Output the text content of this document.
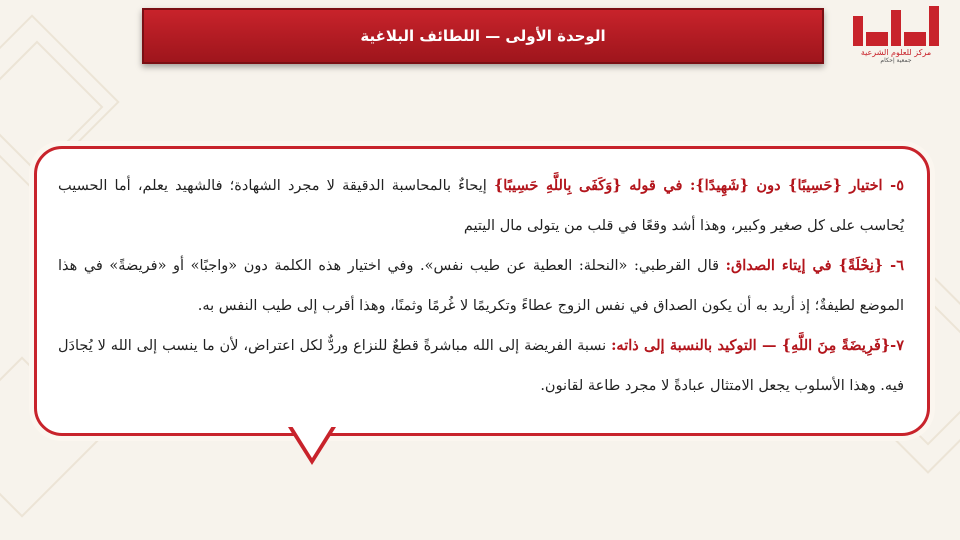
الوحدة الأولى — اللطائف البلاغية
مركز للعلوم الشرعية
جمعية إحكام

٥- اختيار {حَسِيبًا} دون {شَهِيدًا}: في قوله {وَكَفَى بِاللَّهِ حَسِيبًا} إيحاءٌ بالمحاسبة الدقيقة لا مجرد الشهادة؛ فالشهيد يعلم، أما الحسيب يُحاسب على كل صغير وكبير، وهذا أشد وقعًا في قلب من يتولى مال اليتيم

٦- {نِحْلَةً} في إيتاء الصداق: قال القرطبي: «النحلة: العطية عن طيب نفس». وفي اختيار هذه الكلمة دون «واجبًا» أو «فريضةً» في هذا الموضع لطيفةٌ؛ إذ أريد به أن يكون الصداق في نفس الزوج عطاءً وتكريمًا لا غُرمًا وثمنًا، وهذا أقرب إلى طيب النفس به.

٧-{فَرِيضَةً مِنَ اللَّهِ} — التوكيد بالنسبة إلى ذاته: نسبة الفريضة إلى الله مباشرةً قطعٌ للنزاع وردٌّ لكل اعتراض، لأن ما ينسب إلى الله لا يُجادَل فيه. وهذا الأسلوب يجعل الامتثال عبادةً لا مجرد طاعة لقانون.
